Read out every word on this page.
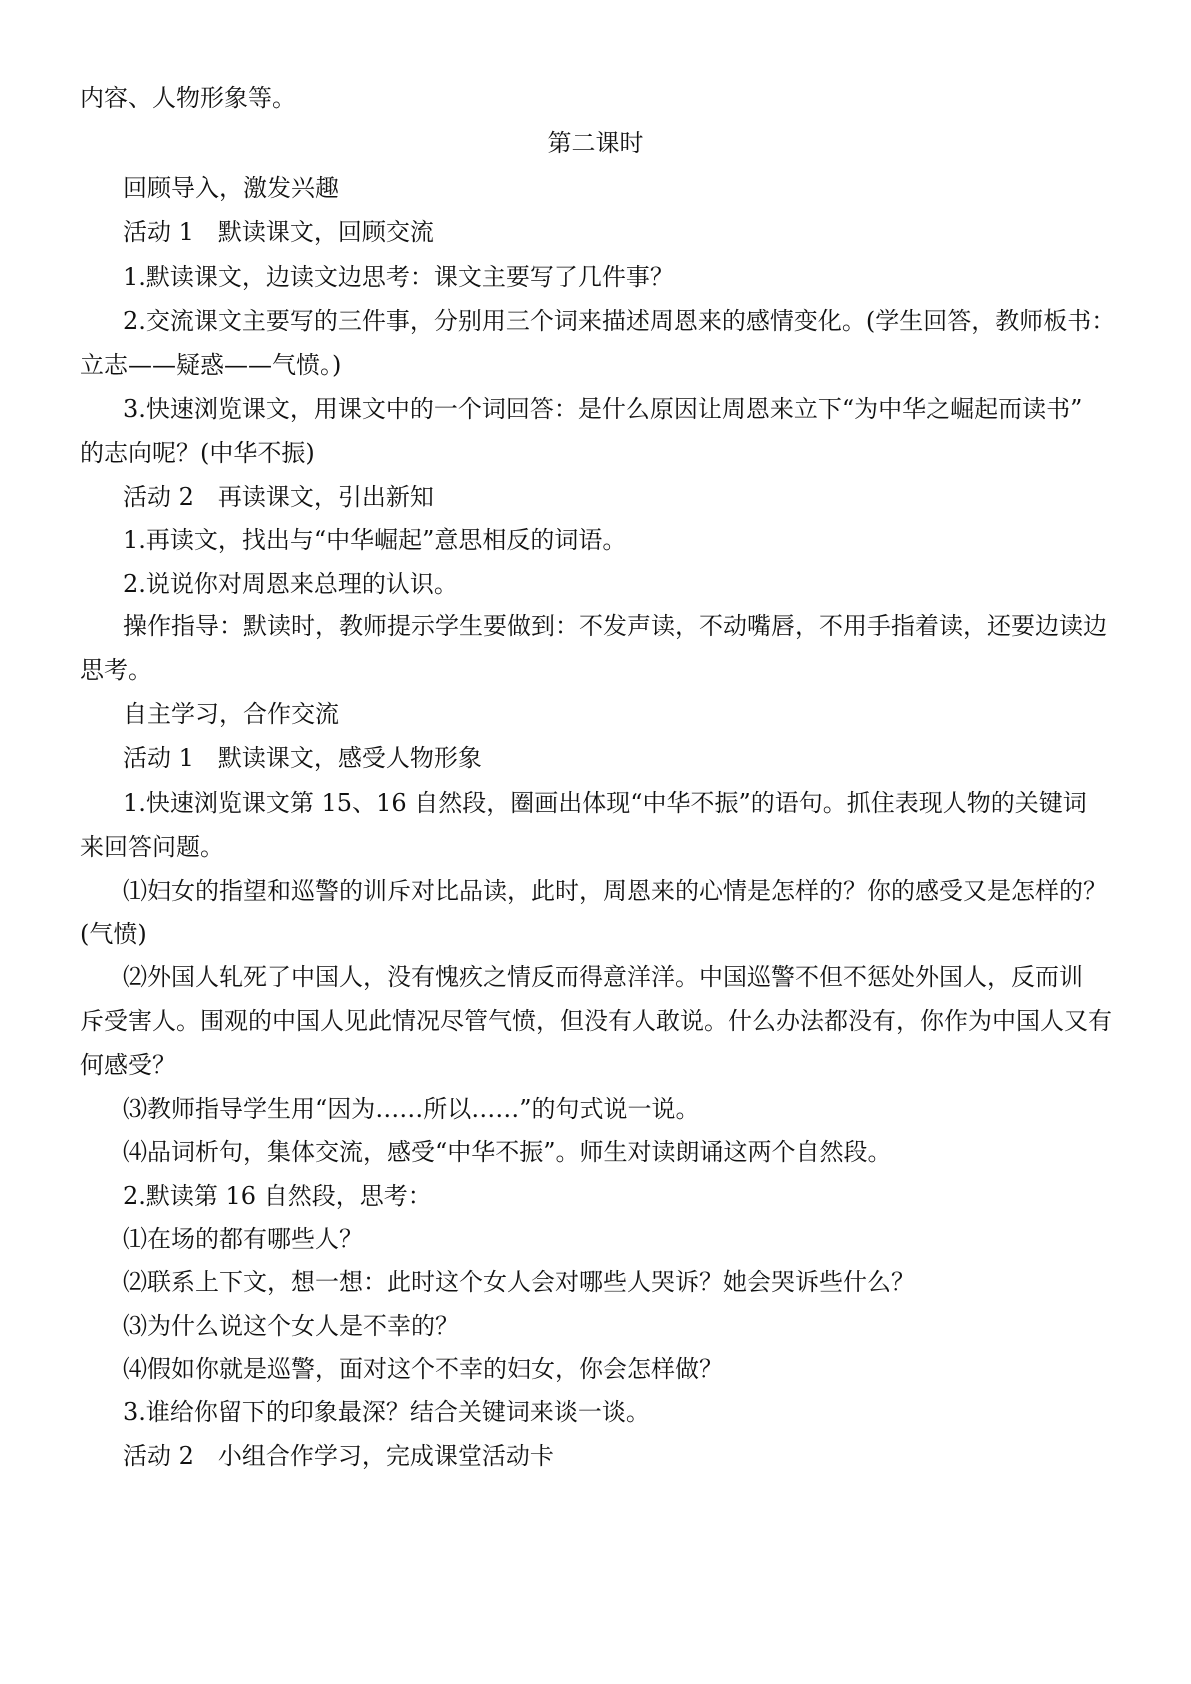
内容、人物形象等。
第二课时
回顾导入，激发兴趣
活动 1　默读课文，回顾交流
1.默读课文，边读文边思考：课文主要写了几件事？
2.交流课文主要写的三件事，分别用三个词来描述周恩来的感情变化。(学生回答，教师板书：
立志——疑惑——气愤。)
3.快速浏览课文，用课文中的一个词回答：是什么原因让周恩来立下“为中华之崛起而读书”
的志向呢？(中华不振)
活动 2　再读课文，引出新知
1.再读文，找出与“中华崛起”意思相反的词语。
2.说说你对周恩来总理的认识。
操作指导：默读时，教师提示学生要做到：不发声读，不动嘴唇，不用手指着读，还要边读边
思考。
自主学习，合作交流
活动 1　默读课文，感受人物形象
1.快速浏览课文第 15、16 自然段，圈画出体现“中华不振”的语句。抓住表现人物的关键词
来回答问题。
⑴妇女的指望和巡警的训斥对比品读，此时，周恩来的心情是怎样的？你的感受又是怎样的？
(气愤)
⑵外国人轧死了中国人，没有愧疚之情反而得意洋洋。中国巡警不但不惩处外国人，反而训
斥受害人。围观的中国人见此情况尽管气愤，但没有人敢说。什么办法都没有，你作为中国人又有
何感受？
⑶教师指导学生用“因为……所以……”的句式说一说。
⑷品词析句，集体交流，感受“中华不振”。师生对读朗诵这两个自然段。
2.默读第 16 自然段，思考：
⑴在场的都有哪些人？
⑵联系上下文，想一想：此时这个女人会对哪些人哭诉？她会哭诉些什么？
⑶为什么说这个女人是不幸的？
⑷假如你就是巡警，面对这个不幸的妇女，你会怎样做？
3.谁给你留下的印象最深？结合关键词来谈一谈。
活动 2　小组合作学习，完成课堂活动卡
